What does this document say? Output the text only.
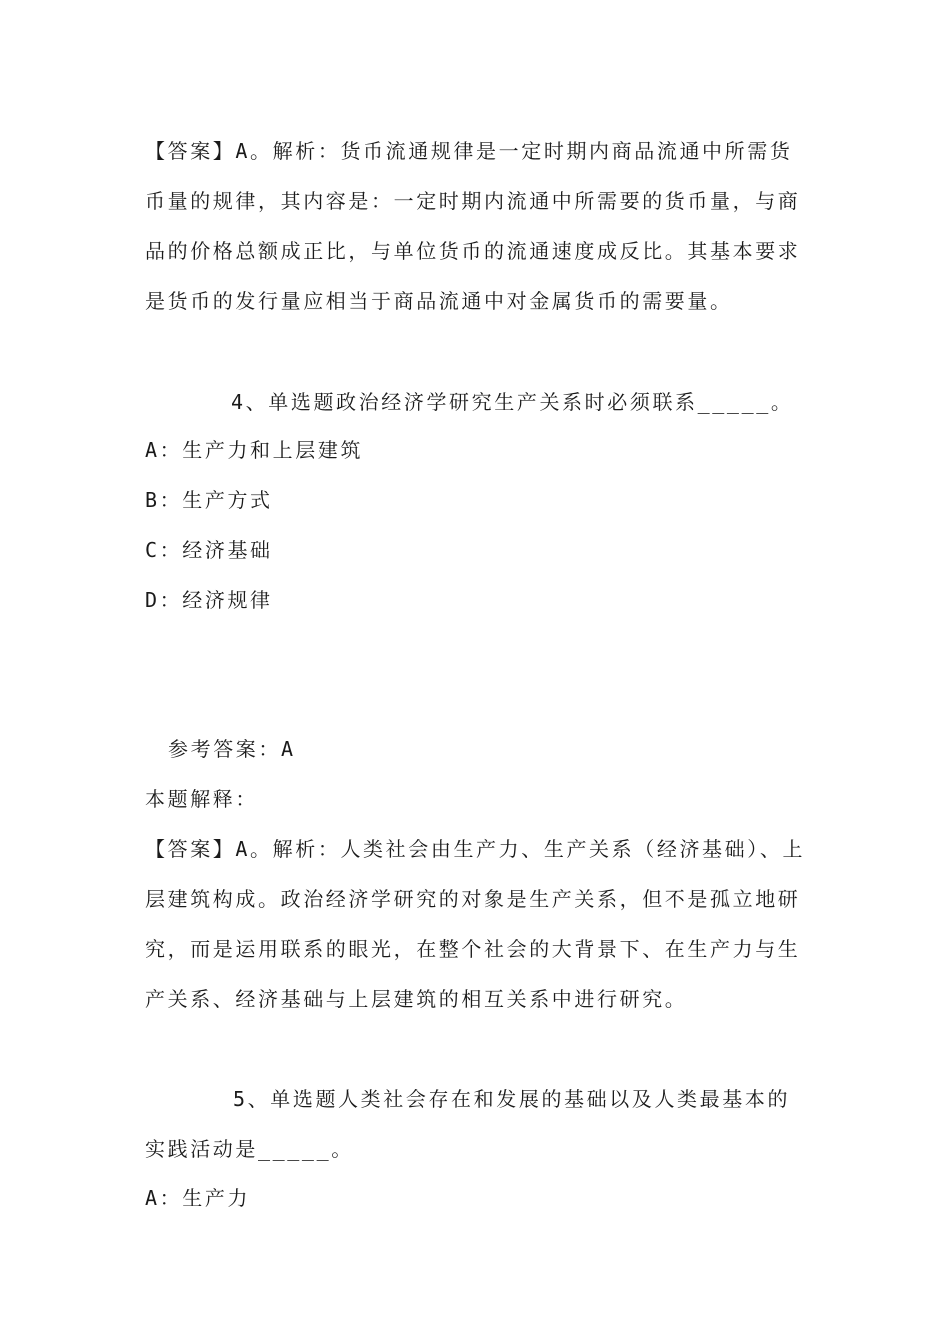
【答案】A。解析：货币流通规律是一定时期内商品流通中所需货币量的规律，其内容是：一定时期内流通中所需要的货币量，与商品的价格总额成正比，与单位货币的流通速度成反比。其基本要求是货币的发行量应相当于商品流通中对金属货币的需要量。
4、单选题政治经济学研究生产关系时必须联系_____。
A：生产力和上层建筑
B：生产方式
C：经济基础
D：经济规律
参考答案：A
本题解释：
【答案】A。解析：人类社会由生产力、生产关系（经济基础）、上层建筑构成。政治经济学研究的对象是生产关系，但不是孤立地研究，而是运用联系的眼光，在整个社会的大背景下、在生产力与生产关系、经济基础与上层建筑的相互关系中进行研究。
5、单选题人类社会存在和发展的基础以及人类最基本的实践活动是_____。
A：生产力
